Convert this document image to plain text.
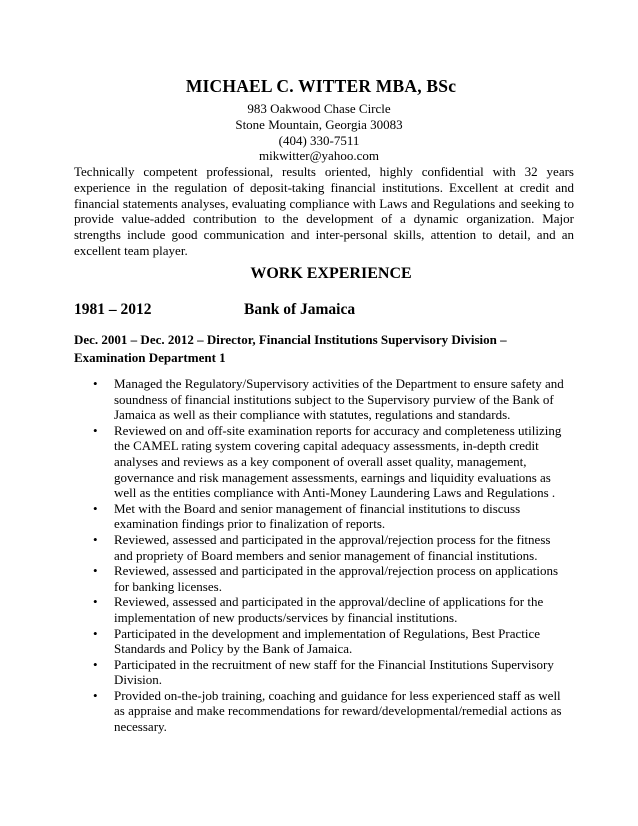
MICHAEL C. WITTER MBA, BSc
983 Oakwood Chase Circle
Stone Mountain, Georgia 30083
(404) 330-7511
mikwitter@yahoo.com
Technically competent professional, results oriented, highly confidential with 32 years experience in the regulation of deposit-taking financial institutions. Excellent at credit and financial statements analyses, evaluating compliance with Laws and Regulations and seeking to provide value-added contribution to the development of a dynamic organization. Major strengths include good communication and inter-personal skills, attention to detail, and an excellent team player.
WORK EXPERIENCE
1981 – 2012	Bank of Jamaica
Dec. 2001 – Dec. 2012 – Director, Financial Institutions Supervisory Division – Examination Department 1
• Managed the Regulatory/Supervisory activities of the Department to ensure safety and soundness of financial institutions subject to the Supervisory purview of the Bank of Jamaica as well as their compliance with statutes, regulations and standards.
• Reviewed on and off-site examination reports for accuracy and completeness utilizing the CAMEL rating system covering capital adequacy assessments, in-depth credit analyses and reviews as a key component of overall asset quality, management, governance and risk management assessments, earnings and liquidity evaluations as well as the entities compliance with Anti-Money Laundering Laws and Regulations .
• Met with the Board and senior management of financial institutions to discuss examination findings prior to finalization of reports.
• Reviewed, assessed and participated in the approval/rejection process for the fitness and propriety of Board members and senior management of financial institutions.
• Reviewed, assessed and participated in the approval/rejection process on applications for banking licenses.
• Reviewed, assessed and participated in the approval/decline of applications for the implementation of new products/services by financial institutions.
• Participated in the development and implementation of Regulations, Best Practice Standards and Policy by the Bank of Jamaica.
• Participated in the recruitment of new staff for the Financial Institutions Supervisory Division.
• Provided on-the-job training, coaching and guidance for less experienced staff as well as appraise and make recommendations for reward/developmental/remedial actions as necessary.
